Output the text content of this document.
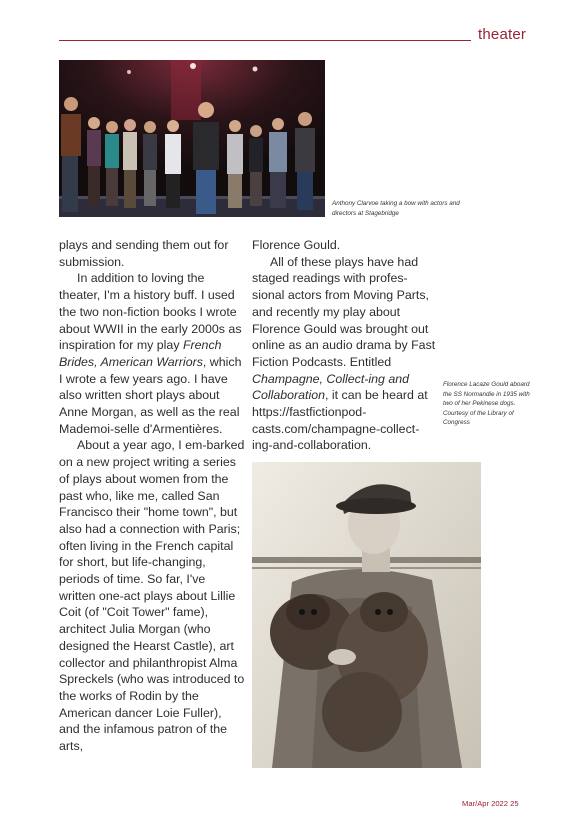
theater
Anthony Clarvoe taking a bow with actors and directors at Stagebridge

plays and sending them out for submission.

In addition to loving the theater, I'm a history buff. I used the two non-fiction books I wrote about WWII in the early 2000s as inspiration for my play French Brides, American Warriors, which I wrote a few years ago. I have also written short plays about Anne Morgan, as well as the real Mademoi-selle d'Armentières.

About a year ago, I em-barked on a new project writing a series of plays about women from the past who, like me, called San Francisco their "home town", but also had a connection with Paris; often living in the French capital for short, but life-changing, periods of time. So far, I've written one-act plays about Lillie Coit (of "Coit Tower" fame), architect Julia Morgan (who designed the Hearst Castle), art collector and philanthropist Alma Spreckels (who was introduced to the works of Rodin by the American dancer Loie Fuller), and the infamous patron of the arts,

Florence Gould.

All of these plays have had staged readings with profes-sional actors from Moving Parts, and recently my play about Florence Gould was brought out online as an audio drama by Fast Fiction Podcasts. Entitled Champagne, Collect-ing and Collaboration, it can be heard at https://fastfictionpod-casts.com/champagne-collect-ing-and-collaboration.

Florence Lacaze Gould aboard the SS Normandie in 1935 with two of her Pekinese dogs. Courtesy of the Library of Congress
Mar/Apr 2022 25
